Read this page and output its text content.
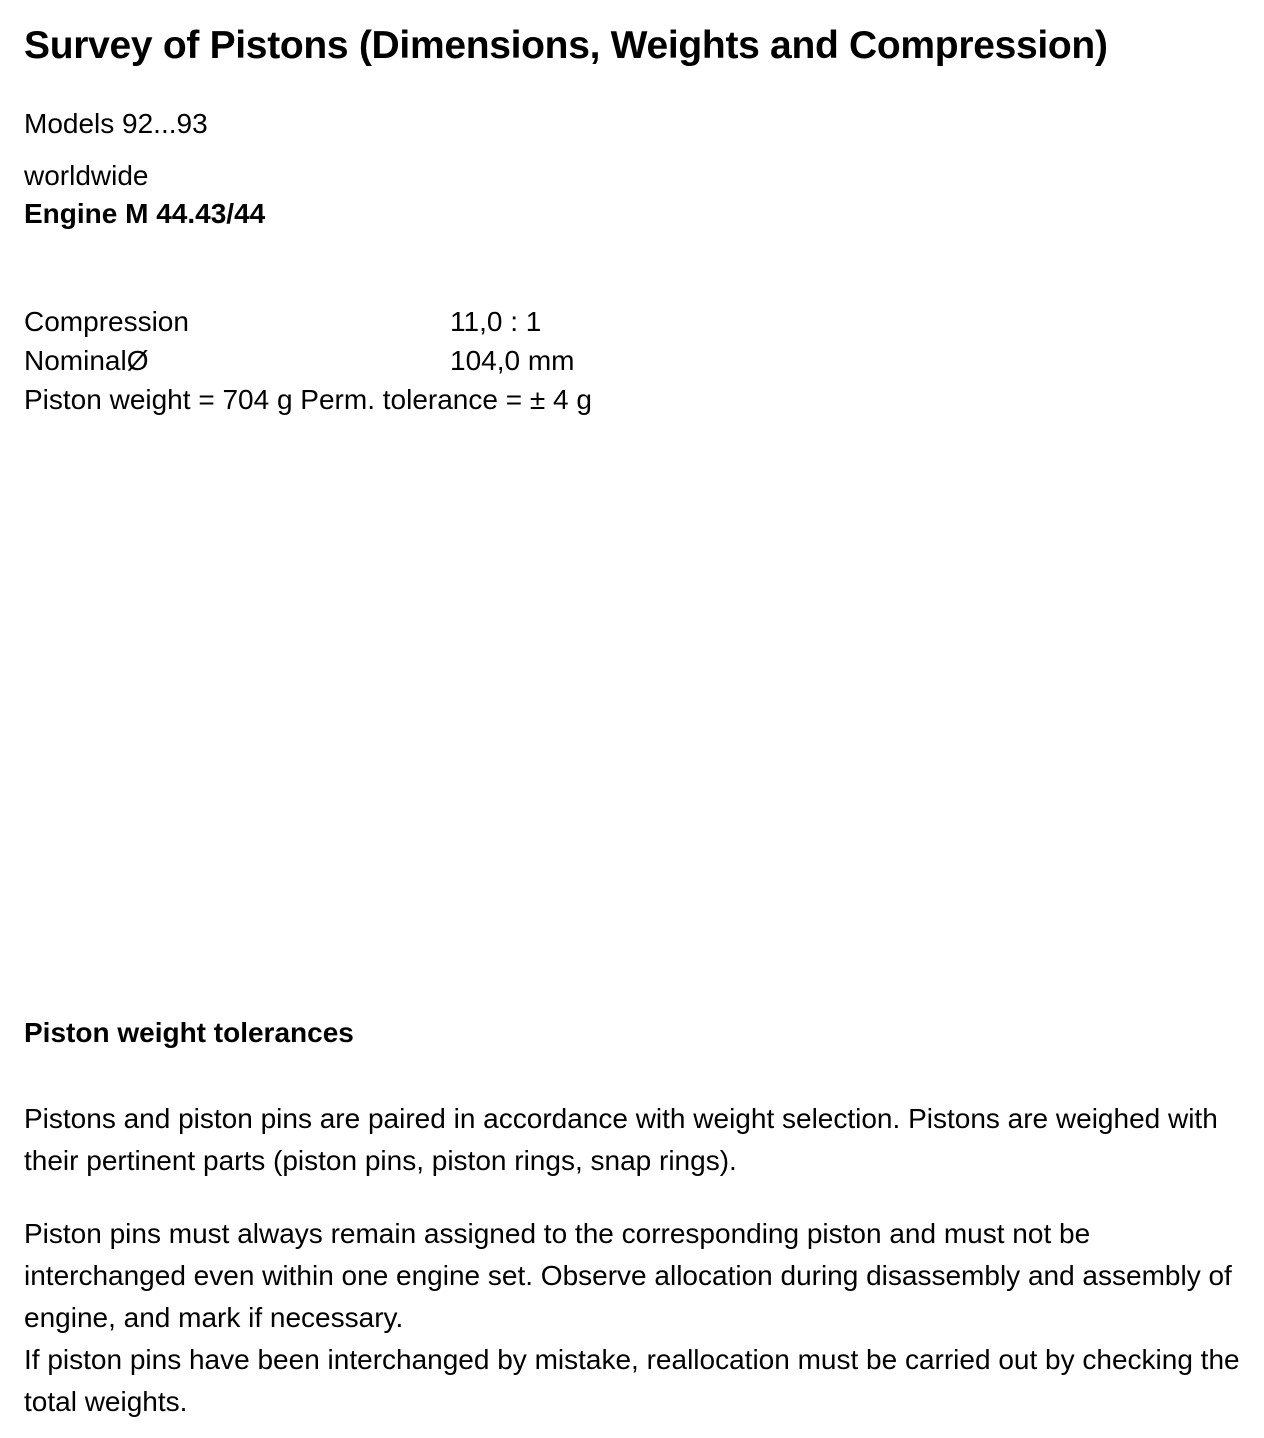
Survey of Pistons (Dimensions, Weights and Compression)
Models 92...93
worldwide
Engine M 44.43/44
Compression	11,0 : 1
NominalØ	104,0 mm
Piston weight = 704 g Perm. tolerance = ± 4 g
Piston weight tolerances
Pistons and piston pins are paired in accordance with weight selection. Pistons are weighed with their pertinent parts (piston pins, piston rings, snap rings).
Piston pins must always remain assigned to the corresponding piston and must not be interchanged even within one engine set. Observe allocation during disassembly and assembly of engine, and mark if necessary.
If piston pins have been interchanged by mistake, reallocation must be carried out by checking the total weights.
